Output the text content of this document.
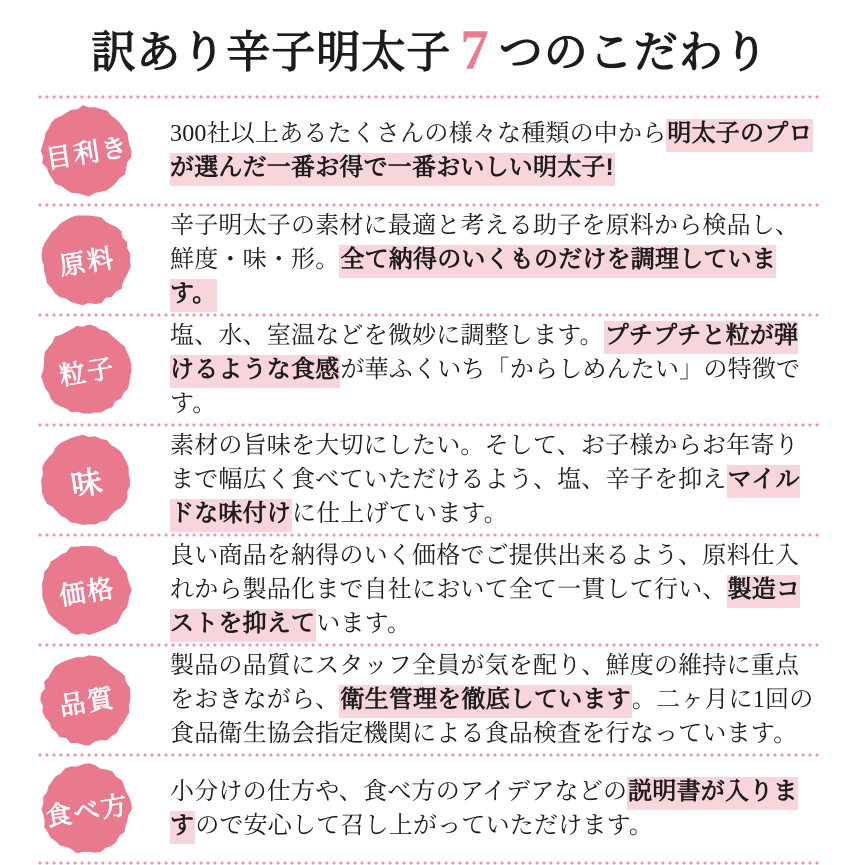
訳あり辛子明太子 7 つのこだわり
目利き	300社以上あるたくさんの様々な種類の中から明太子のプロが選んだ一番お得で一番おいしい明太子!

原料

辛子明太子の素材に最適と考える助子を原料から検品し、鮮度・味・形。全て納得のいくものだけを調理しています。

粒子

塩、水、室温などを微妙に調整します。プチプチと粒が弾けるような食感が華ふくいち「からしめんたい」の特徴です。

味

素材の旨味を大切にしたい。そして、お子様からお年寄りまで幅広く食べていただけるよう、塩、辛子を抑えマイルドな味付けに仕上げています。

価格

良い商品を納得のいく価格でご提供出来るよう、原料仕入れから製品化まで自社において全て一貫して行い、製造コストを抑えています。

品質

製品の品質にスタッフ全員が気を配り、鮮度の維持に重点をおきながら、衛生管理を徹底しています。二ヶ月に1回の食品衛生協会指定機関による食品検査を行なっています。

食べ方	小分けの仕方や、食べ方のアイデアなどの説明書が入りますので安心して召し上がっていただけます。
